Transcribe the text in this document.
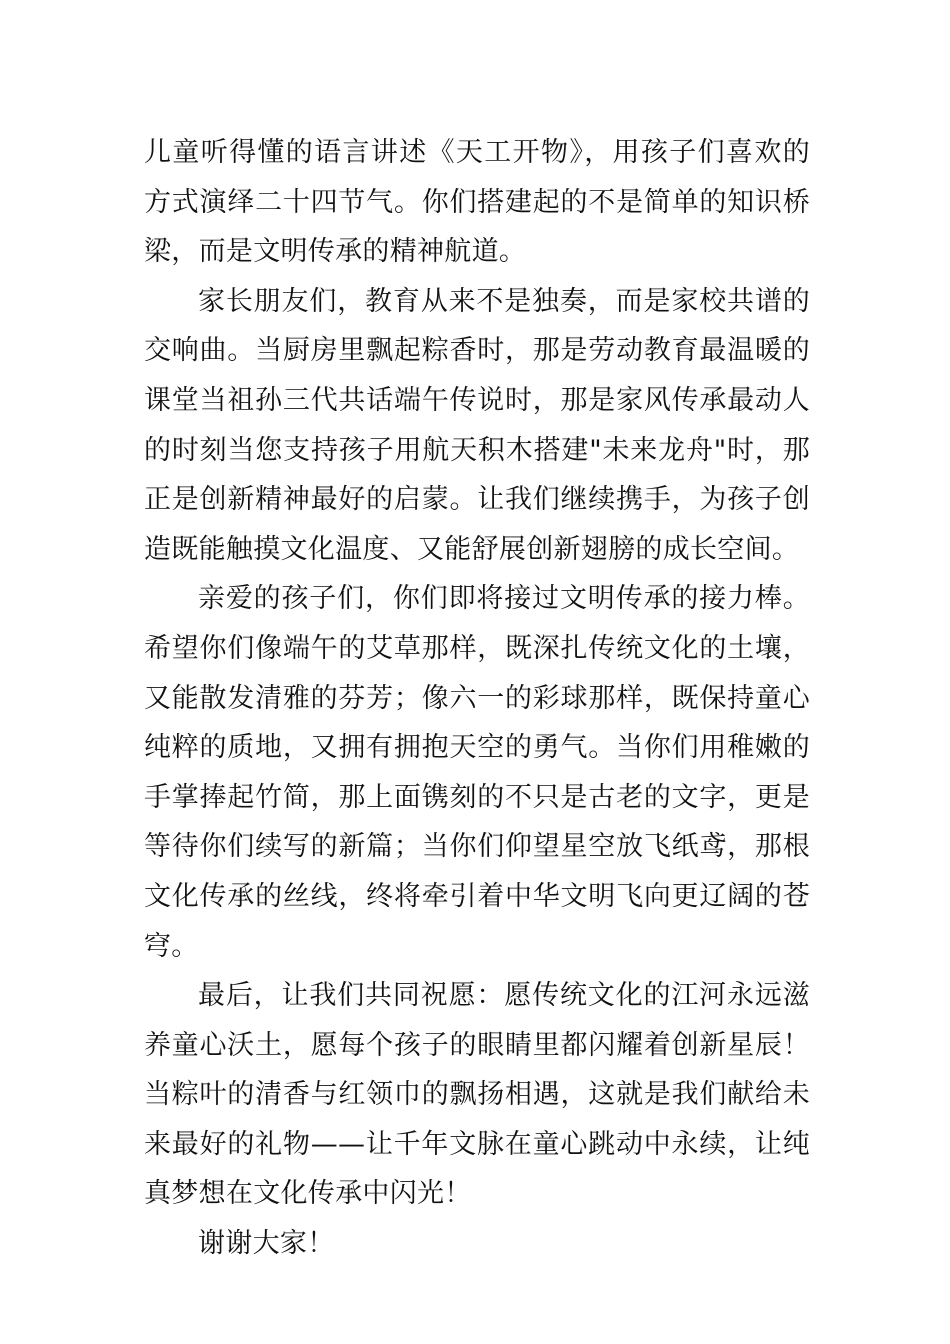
儿童听得懂的语言讲述《天工开物》，用孩子们喜欢的方式演绎二十四节气。你们搭建起的不是简单的知识桥梁，而是文明传承的精神航道。

家长朋友们，教育从来不是独奏，而是家校共谱的交响曲。当厨房里飘起粽香时，那是劳动教育最温暖的课堂当祖孙三代共话端午传说时，那是家风传承最动人的时刻当您支持孩子用航天积木搭建"未来龙舟"时，那正是创新精神最好的启蒙。让我们继续携手，为孩子创造既能触摸文化温度、又能舒展创新翅膀的成长空间。

亲爱的孩子们，你们即将接过文明传承的接力棒。希望你们像端午的艾草那样，既深扎传统文化的土壤，又能散发清雅的芬芳；像六一的彩球那样，既保持童心纯粹的质地，又拥有拥抱天空的勇气。当你们用稚嫩的手掌捧起竹简，那上面镌刻的不只是古老的文字，更是等待你们续写的新篇；当你们仰望星空放飞纸鸢，那根文化传承的丝线，终将牵引着中华文明飞向更辽阔的苍穹。

最后，让我们共同祝愿：愿传统文化的江河永远滋养童心沃土，愿每个孩子的眼睛里都闪耀着创新星辰！当粽叶的清香与红领巾的飘扬相遇，这就是我们献给未来最好的礼物——让千年文脉在童心跳动中永续，让纯真梦想在文化传承中闪光！

谢谢大家！
